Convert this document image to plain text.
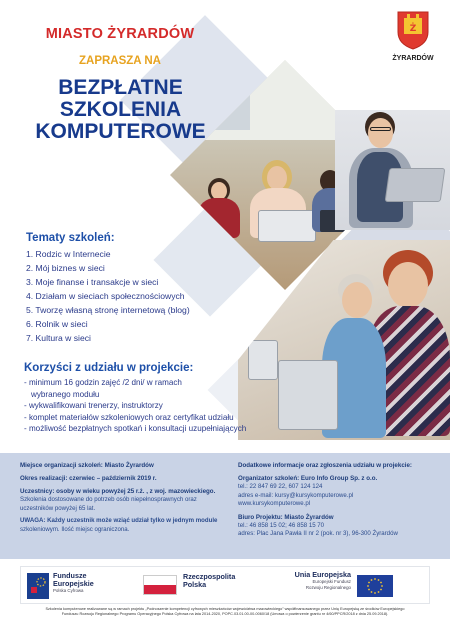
Ż
ŻYRARDÓW
MIASTO ŻYRARDÓW
ZAPRASZA NA
BEZPŁATNE
SZKOLENIA
KOMPUTEROWE
Tematy szkoleń:
1. Rodzic w Internecie
2. Mój biznes w sieci
3. Moje finanse i transakcje w sieci
4. Działam w sieciach społecznościowych
5. Tworzę własną stronę internetową (blog)
6. Rolnik w sieci
7. Kultura w sieci
Korzyści z udziału w projekcie:
- minimum 16 godzin zajęć /2 dni/ w ramach
wybranego modułu
- wykwalifikowani trenerzy, instruktorzy
- komplet materiałów szkoleniowych oraz certyfikat udziału
- możliwość bezpłatnych spotkań i konsultacji uzupełniających
Miejsce organizacji szkoleń: Miasto Żyrardów
Okres realizacji: czerwiec – październik 2019 r.
Uczestnicy: osoby w wieku powyżej 25 r.ż. , z woj. mazowieckiego.
Szkolenia dostosowane do potrzeb osób niepełnosprawnych oraz
uczestników powyżej 65 lat.
UWAGA: Każdy uczestnik może wziąć udział tylko w jednym module
szkoleniowym. Ilość miejsc ograniczona.
Dodatkowe informacje oraz zgłoszenia udziału w projekcie:
Organizator szkoleń: Euro Info Group Sp. z o.o.
tel.: 22 847 69 22, 607 124 124
adres e-mail: kursy@kursykomputerowe.pl
www.kursykomputerowe.pl
Biuro Projektu: Miasto Żyrardów
tel.: 46 858 15 02; 46 858 15 70
adres: Plac Jana Pawła II nr 2 (pok. nr 3), 96-300 Żyrardów
Fundusze
Europejskie
Polska Cyfrowa
Rzeczpospolita
Polska
Unia Europejska
Europejski Fundusz
Rozwoju Regionalnego
Szkolenia komputerowe realizowane są w ramach projektu „Podnoszenie kompetencji cyfrowych mieszkańców województwa mazowieckiego” współfinansowanego przez Unię Europejską ze środków Europejskiego
Funduszu Rozwoju Regionalnego Programu Operacyjnego Polska Cyfrowa na lata 2014-2020, POPC.03.01.00-00-0060/18 (Umowa o powierzenie grantu nr 4/60/PPCR/2018 z dnia 25.09.2018).
